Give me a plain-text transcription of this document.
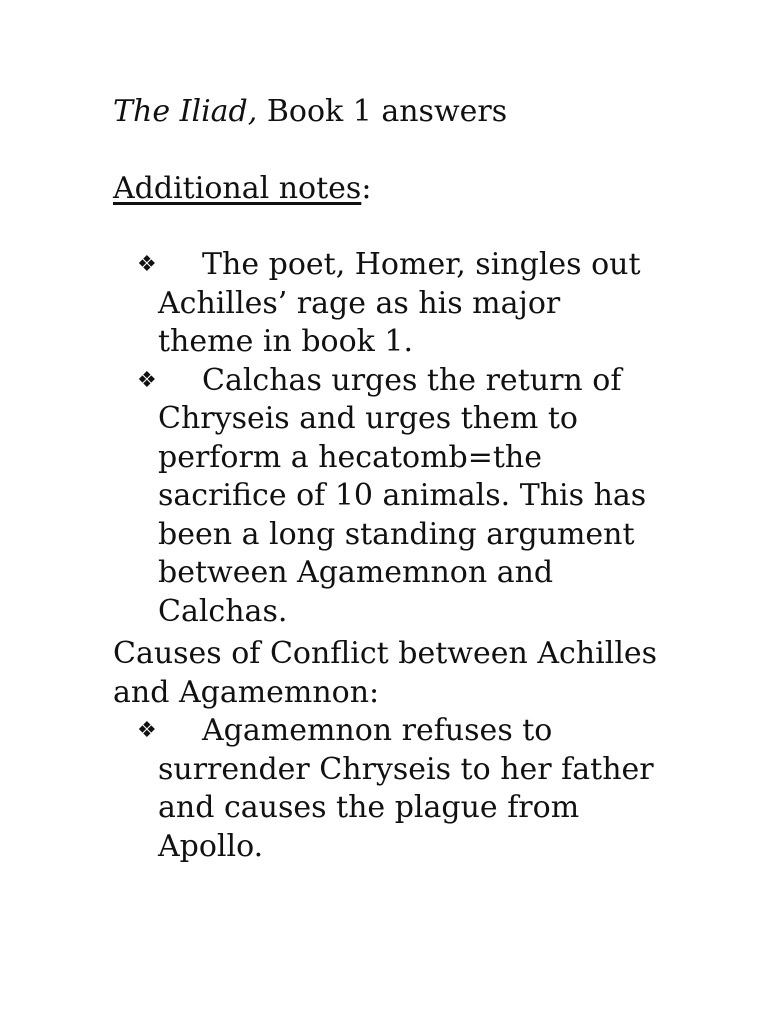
The Iliad, Book 1 answers
Additional notes:
❖	The poet, Homer, singles out Achilles’ rage as his major theme in book 1.
❖	Calchas urges the return of Chryseis and urges them to perform a hecatomb=the sacrifice of 10 animals. This has been a long standing argument between Agamemnon and Calchas.
Causes of Conflict between Achilles and Agamemnon:
❖	Agamemnon refuses to surrender Chryseis to her father and causes the plague from Apollo.
